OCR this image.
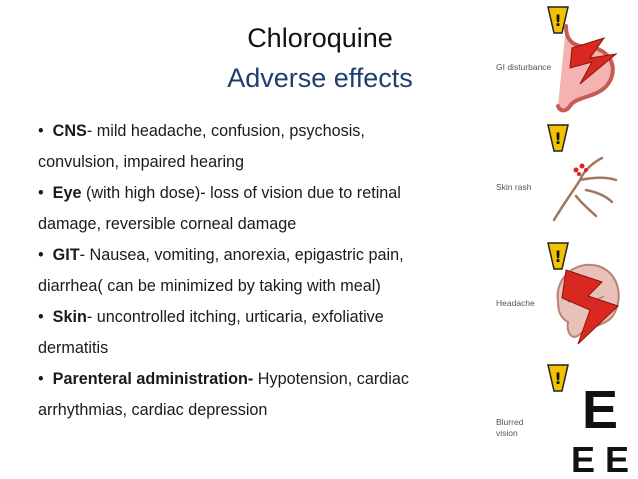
Chloroquine
Adverse effects

• CNS- mild headache, confusion, psychosis,

convulsion, impaired hearing

• Eye (with high dose)- loss of vision due to retinal

damage, reversible corneal damage

• GIT- Nausea, vomiting, anorexia, epigastric pain,

diarrhea( can be minimized by taking with meal)

• Skin- uncontrolled itching, urticaria, exfoliative

dermatitis

• Parenteral administration- Hypotension, cardiac

arrhythmias, cardiac depression

!
GI disturbance
!
Skin rash
!
Headache
!
E
E E
Blurred
vision
